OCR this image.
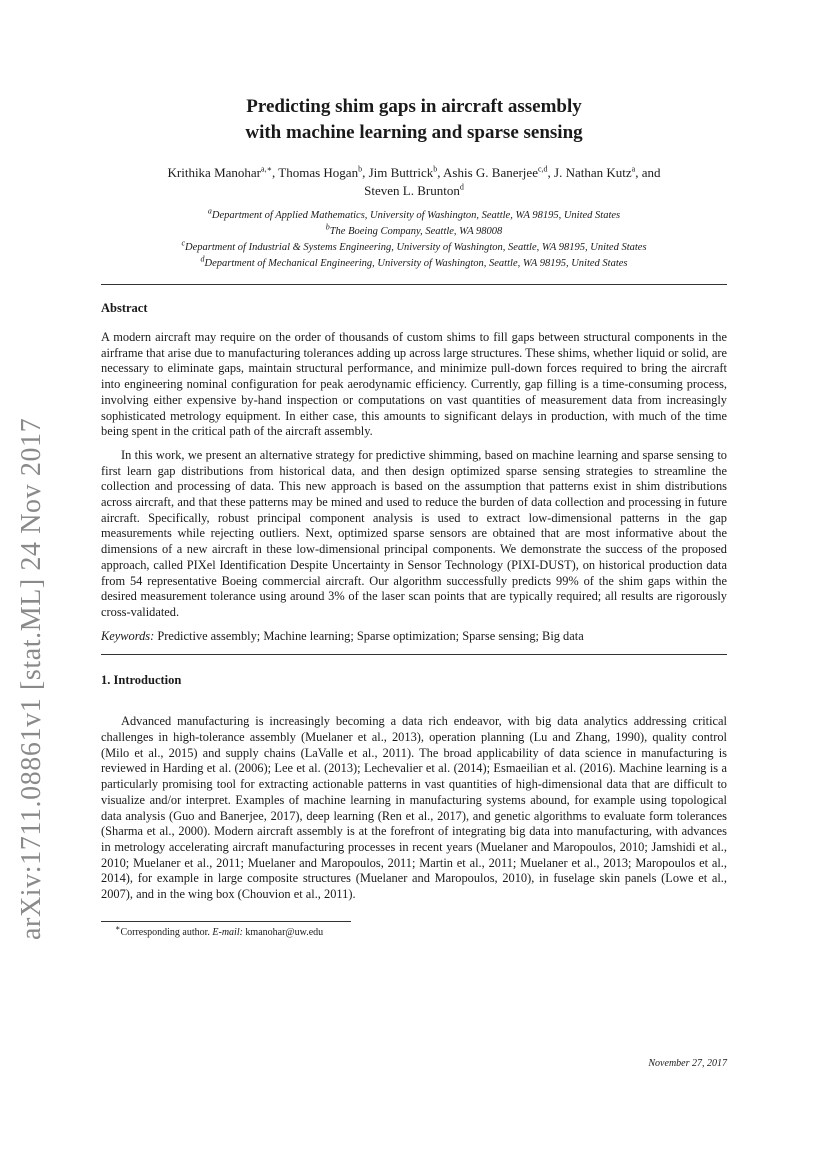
arXiv:1711.08861v1 [stat.ML] 24 Nov 2017
Predicting shim gaps in aircraft assembly
with machine learning and sparse sensing
Krithika Manohar$^{a,∗}$, Thomas Hogan$^b$, Jim Buttrick$^b$, Ashis G. Banerjee$^{c,d}$, J. Nathan Kutz$^a$, and
Steven L. Brunton$^d$
$^a$Department of Applied Mathematics, University of Washington, Seattle, WA 98195, United States
$^b$The Boeing Company, Seattle, WA 98008
$^c$Department of Industrial & Systems Engineering, University of Washington, Seattle, WA 98195, United States
$^d$Department of Mechanical Engineering, University of Washington, Seattle, WA 98195, United States
Abstract

A modern aircraft may require on the order of thousands of custom shims to fill gaps between structural components in the airframe that arise due to manufacturing tolerances adding up across large structures. These shims, whether liquid or solid, are necessary to eliminate gaps, maintain structural performance, and minimize pull-down forces required to bring the aircraft into engineering nominal configuration for peak aerodynamic efficiency. Currently, gap filling is a time-consuming process, involving either expensive by-hand inspection or computations on vast quantities of measurement data from increasingly sophisticated metrology equipment. In either case, this amounts to significant delays in production, with much of the time being spent in the critical path of the aircraft assembly.

In this work, we present an alternative strategy for predictive shimming, based on machine learning and sparse sensing to first learn gap distributions from historical data, and then design optimized sparse sensing strategies to streamline the collection and processing of data. This new approach is based on the assumption that patterns exist in shim distributions across aircraft, and that these patterns may be mined and used to reduce the burden of data collection and processing in future aircraft. Specifically, robust principal component analysis is used to extract low-dimensional patterns in the gap measurements while rejecting outliers. Next, optimized sparse sensors are obtained that are most informative about the dimensions of a new aircraft in these low-dimensional principal components. We demonstrate the success of the proposed approach, called PIXel Identification Despite Uncertainty in Sensor Technology (PIXI-DUST), on historical production data from 54 representative Boeing commercial aircraft. Our algorithm successfully predicts 99% of the shim gaps within the desired measurement tolerance using around 3% of the laser scan points that are typically required; all results are rigorously cross-validated.

Keywords: Predictive assembly; Machine learning; Sparse optimization; Sparse sensing; Big data

1. Introduction

Advanced manufacturing is increasingly becoming a data rich endeavor, with big data analytics addressing critical challenges in high-tolerance assembly (Muelaner et al., 2013), operation planning (Lu and Zhang, 1990), quality control (Milo et al., 2015) and supply chains (LaValle et al., 2011). The broad applicability of data science in manufacturing is reviewed in Harding et al. (2006); Lee et al. (2013); Lechevalier et al. (2014); Esmaeilian et al. (2016). Machine learning is a particularly promising tool for extracting actionable patterns in vast quantities of high-dimensional data that are difficult to visualize and/or interpret. Examples of machine learning in manufacturing systems abound, for example using topological data analysis (Guo and Banerjee, 2017), deep learning (Ren et al., 2017), and genetic algorithms to evaluate form tolerances (Sharma et al., 2000). Modern aircraft assembly is at the forefront of integrating big data into manufacturing, with advances in metrology accelerating aircraft manufacturing processes in recent years (Muelaner and Maropoulos, 2010; Jamshidi et al., 2010; Muelaner et al., 2011; Muelaner and Maropoulos, 2011; Martin et al., 2011; Muelaner et al., 2013; Maropoulos et al., 2014), for example in large composite structures (Muelaner and Maropoulos, 2010), in fuselage skin panels (Lowe et al., 2007), and in the wing box (Chouvion et al., 2011).

∗Corresponding author. E-mail: kmanohar@uw.edu
November 27, 2017
